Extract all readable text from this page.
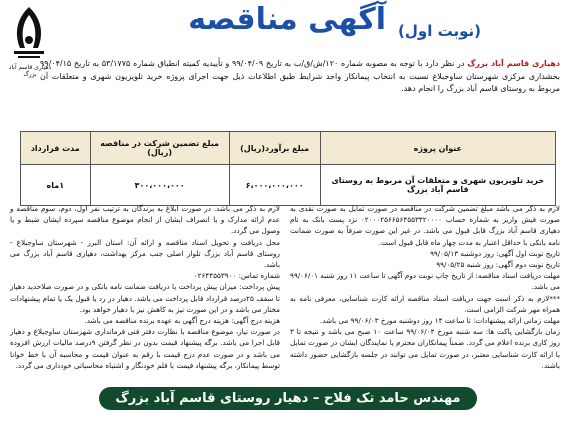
دهیاری قاسم آباد بزرگ
آگهی مناقصه (نوبت اول)
دهیاری قاسم آباد بزرگ در نظر دارد با توجه به مصوبه شماره ۱۲۰/ش/ق/ب به تاریخ ۹۹/۰۴/۰۹ و تأییدیه کمیته انطباق شماره ۵۳/۱۷۷۵ به تاریخ ۹۹/۰۴/۱۵ بخشداری مرکزی شهرستان ساوجبلاغ نسبت به انتخاب پیمانکار واجد شرایط طبق اطلاعات ذیل جهت اجرای پروژه خرید تلویزیون شهری و متعلقات آن مربوط به روستای قاسم آباد بزرگ را انجام دهد.
عنوان پروژه	مبلغ برآورد(ریال)	مبلغ تضمین شرکت در مناقصه (ریال)	مدت قرارداد
خرید تلویزیون شهری و متعلقات آن مربوط به روستای قاسم آباد بزرگ	۶،۰۰۰،۰۰۰،۰۰۰	۳۰۰،۰۰۰،۰۰۰	۱ماه

لازم به ذکر می باشد مبلغ تضمین شرکت در مناقصه در صورت تمایل به صورت نقدی به صورت فیش واریز به شماره حساب ۰۲۰۰۰۲۵۶۶۵۶۴۵۵۳۴۲۰۰۰۰ نزد پست بانک به نام دهیاری قاسم آباد بزرگ قابل قبول می باشد. در غیر این صورت صرفاً به صورت ضمانت نامه بانکی با حداقل اعتبار به مدت چهار ماه قابل قبول است.

تاریخ نوبت اول آگهی: روز دوشنبه ۹۹/۰۵/۱۳

تاریخ نوبت دوم آگهی: روز شنبه ۹۹/۰۵/۲۵

مهلت دریافت اسناد مناقصه: از تاریخ چاپ نوبت دوم آگهی تا ساعت ۱۱ روز شنبه ۹۹/۰۶/۰۱ می باشد.

***لازم به ذکر است جهت دریافت اسناد مناقصه ارائه کارت شناسایی، معرفی نامه به همراه مهر شرکت الزامی است.

مهلت زمانی ارائه پیشنهادات: تا ساعت ۱۴ روز دوشنبه مورخ ۹۹/۰۶/۰۳ می باشد.

زمان بازگشایی پاکت ها: سه شنبه مورخ ۹۹/۰۶/۰۴ ساعت ۱۰ صبح می باشد و نتیجه تا ۳ روز کاری برنده اعلام می گردد. ضمناً پیمانکاران محترم یا نمایندگان ایشان در صورت تمایل با ارائه کارت شناسایی معتبر، در صورت تمایل می توانند در جلسه بازگشایی حضور داشته باشند.

لازم به ذکر می باشد. در صورت ابلاغ به برندگان به ترتیب نفر اول، دوم، سوم مناقصه و عدم ارائه مدارک و یا انصراف ایشان از انجام موضوع مناقصه سپرده ایشان ضبط و یا وصول می گردد.

محل دریافت و تحویل اسناد مناقصه و ارائه آن: استان البرز - شهرستان ساوجبلاغ - روستای قاسم آباد بزرگ تلوار اصلی جنب مرکز بهداشت، دهیاری قاسم آباد بزرگ می باشد.

شماره تماس: ۰۲۶۴۴۵۵۳۹۰۰

پیش پرداخت: میزان پیش پرداخت با دریافت ضمانت نامه بانکی و در صورت صلاحدید دهیار تا سقف ۲۵درصد قرارداد قابل پرداخت می باشد. دهیار در رد یا قبول یک یا تمام پیشنهادات مختار می باشد و در این صورت نیز به کاهش نیز با دهیار خواهد بود.

هزینه درج آگهی: هزینه درج آگهی به عهده برنده مناقصه می باشد.

در صورت نیاز، موضوع مناقصه با نظارت دفتر فنی فرمانداری شهرستان ساوجبلاغ و دهیار قابل اجرا می باشد. برگه پیشنهاد قیمت بدون در نظر گرفتن ۹درصد مالیات ارزش افزوده می باشد و در صورت عدم درج قیمت با رقم به عنوان قیمت و محاسبه آن با خط خوانا توسط پیمانکار، برگه پیشنهاد قیمت با قلم خودنگار و اشتباه محاسباتی خودداری می گردد.

مهندس حامد تک فلاح – دهیار روستای قاسم آباد بزرگ
